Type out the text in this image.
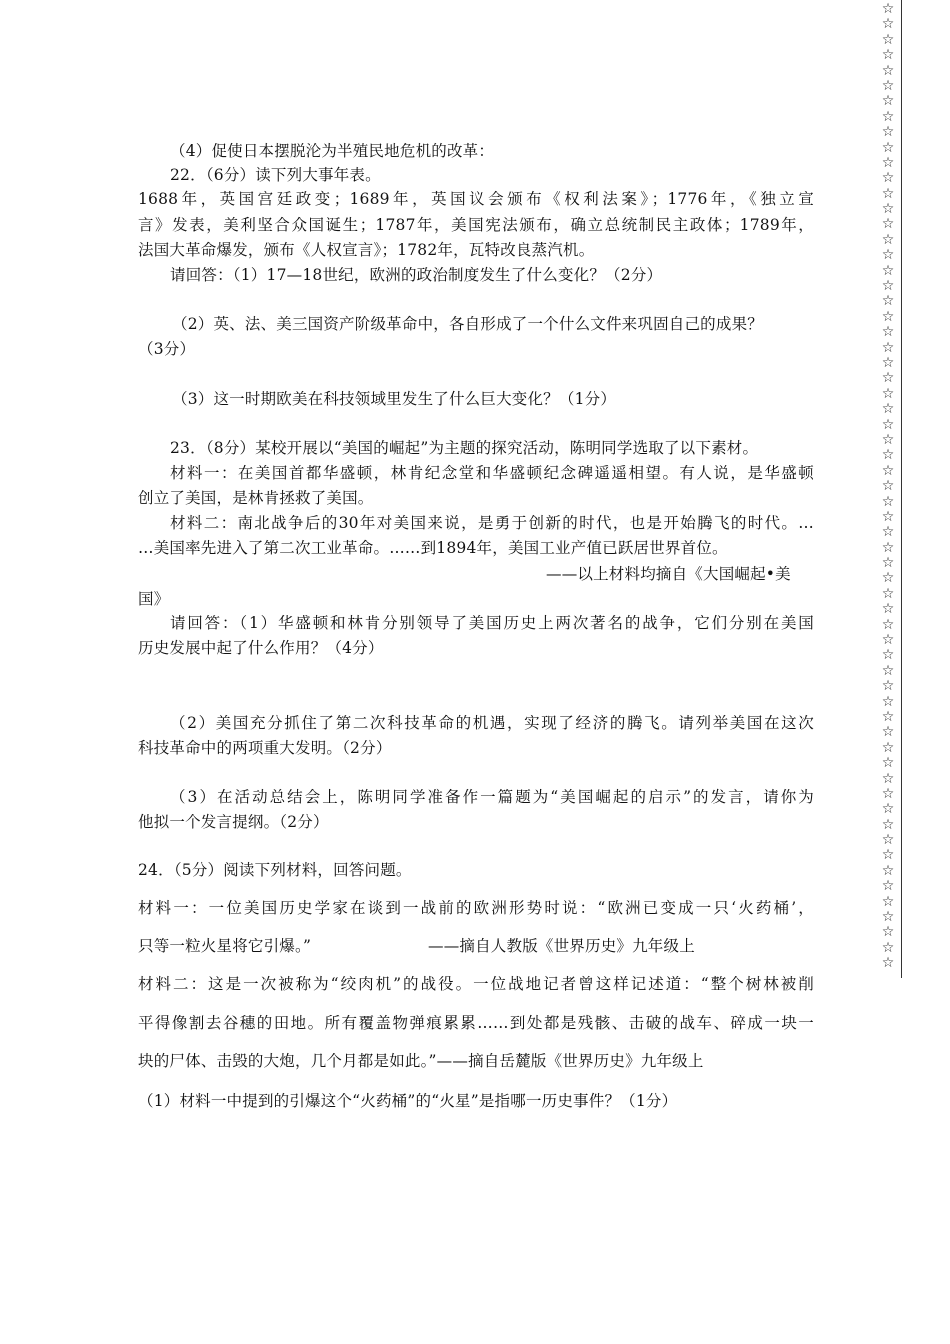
☆
☆
☆
☆
☆
☆
☆
☆
☆
☆
☆
☆
☆
☆
☆
☆
☆
☆
☆
☆
☆
☆
☆
☆
☆
☆
☆
☆
☆
☆
☆
☆
☆
☆
☆
☆
☆
☆
☆
☆
☆
☆
☆
☆
☆
☆
☆
☆
☆
☆
☆
☆
☆
☆
☆
☆
☆
☆
☆
☆
☆
☆
☆
（4）促使日本摆脱沦为半殖民地危机的改革：
22．（6分）读下列大事年表。
1688年，英国宫廷政变；1689年，英国议会颁布《权利法案》；1776年，《独立宣
言》发表，美利坚合众国诞生；1787年，美国宪法颁布，确立总统制民主政体；1789年，
法国大革命爆发，颁布《人权宣言》；1782年，瓦特改良蒸汽机。
请回答：（1）17—18世纪，欧洲的政治制度发生了什么变化？（2分）
（2）英、法、美三国资产阶级革命中，各自形成了一个什么文件来巩固自己的成果？
（3分）
（3）这一时期欧美在科技领域里发生了什么巨大变化？（1分）
23．（8分）某校开展以“美国的崛起”为主题的探究活动，陈明同学选取了以下素材。
材料一：在美国首都华盛顿，林肯纪念堂和华盛顿纪念碑遥遥相望。有人说，是华盛顿
创立了美国，是林肯拯救了美国。
材料二：南北战争后的30年对美国来说，是勇于创新的时代，也是开始腾飞的时代。…
…美国率先进入了第二次工业革命。……到1894年，美国工业产值已跃居世界首位。
——以上材料均摘自《大国崛起•美
国》
请回答：（1）华盛顿和林肯分别领导了美国历史上两次著名的战争，它们分别在美国
历史发展中起了什么作用？（4分）
（2）美国充分抓住了第二次科技革命的机遇，实现了经济的腾飞。请列举美国在这次
科技革命中的两项重大发明。（2分）
（3）在活动总结会上，陈明同学准备作一篇题为“美国崛起的启示”的发言，请你为
他拟一个发言提纲。（2分）
24．（5分）阅读下列材料，回答问题。
材料一：一位美国历史学家在谈到一战前的欧洲形势时说：“欧洲已变成一只‘火药桶’，
只等一粒火星将它引爆。”	——摘自人教版《世界历史》九年级上
材料二：这是一次被称为“绞肉机”的战役。一位战地记者曾这样记述道：“整个树林被削
平得像割去谷穗的田地。所有覆盖物弹痕累累……到处都是残骸、击破的战车、碎成一块一
块的尸体、击毁的大炮，几个月都是如此。”——摘自岳麓版《世界历史》九年级上
（1）材料一中提到的引爆这个“火药桶”的“火星”是指哪一历史事件？（1分）
